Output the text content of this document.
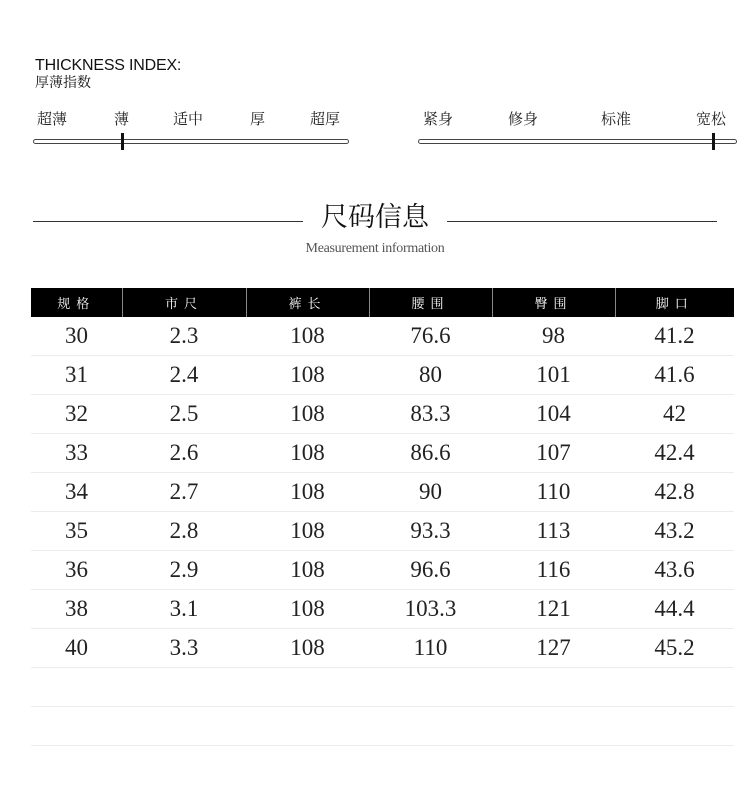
THICKNESS INDEX:
厚薄指数
超薄	薄	适中	厚	超厚	紧身	修身	标准	宽松
尺码信息
Measurement information
规格	市尺	裤长	腰围	臀围	脚口
30	2.3	108	76.6	98	41.2
31	2.4	108	80	101	41.6
32	2.5	108	83.3	104	42
33	2.6	108	86.6	107	42.4
34	2.7	108	90	110	42.8
35	2.8	108	93.3	113	43.2
36	2.9	108	96.6	116	43.6
38	3.1	108	103.3	121	44.4
40	3.3	108	110	127	45.2
